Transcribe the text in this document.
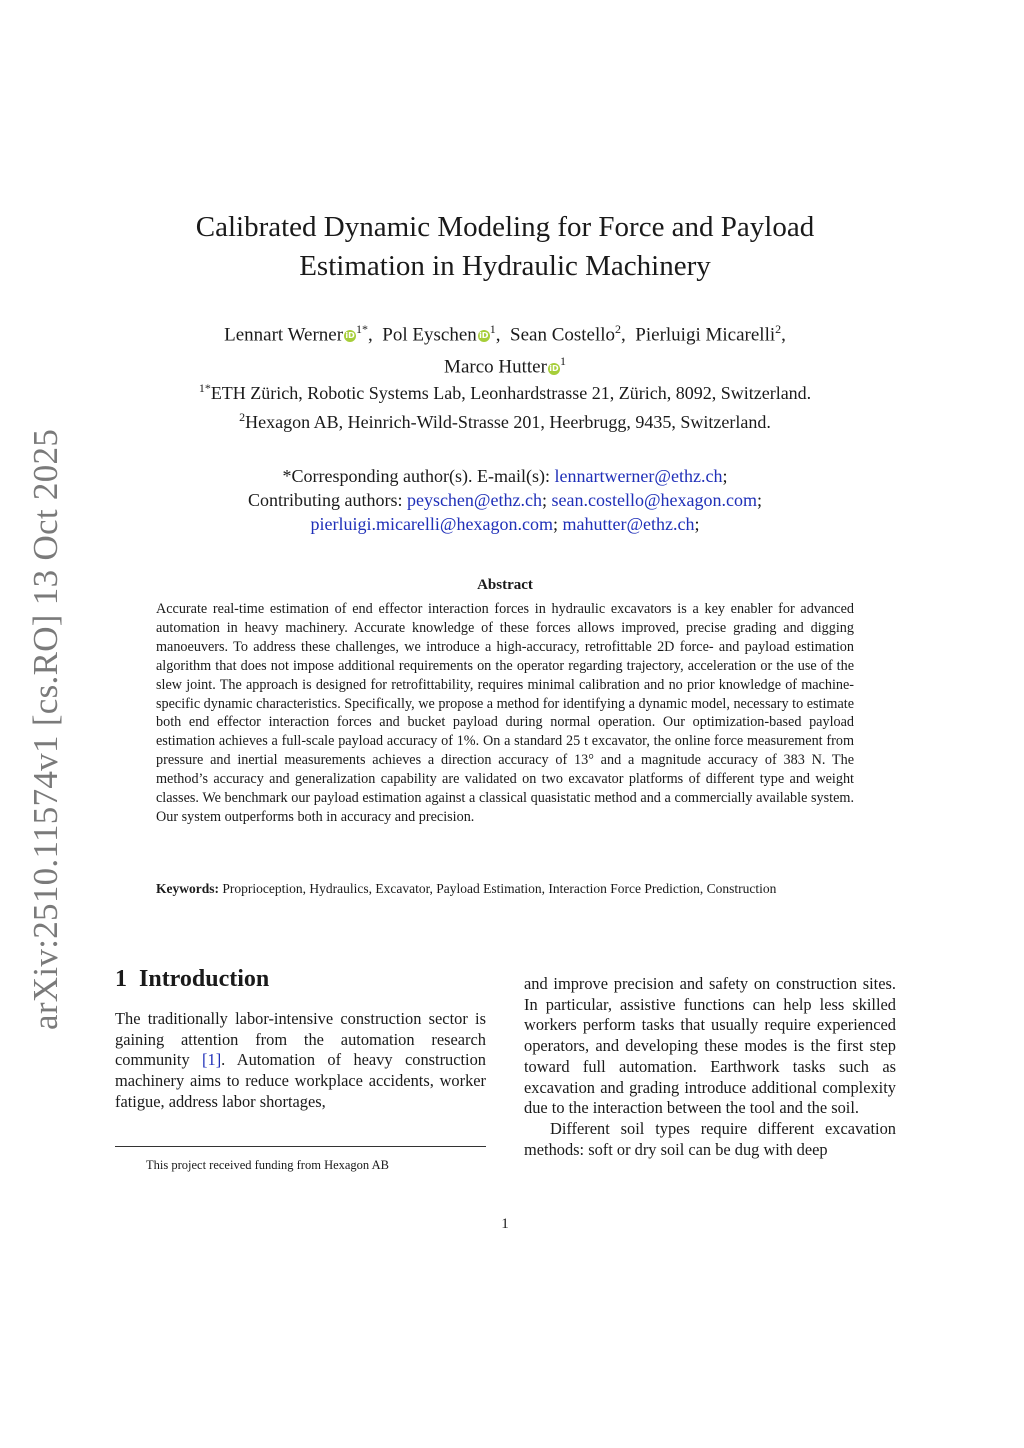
arXiv:2510.11574v1 [cs.RO] 13 Oct 2025
Calibrated Dynamic Modeling for Force and Payload
Estimation in Hydraulic Machinery
Lennart Werner $iD^{1*}$,  Pol Eyschen $iD^1$,  Sean Costello$^2$,  Pierluigi Micarelli$^2$,
Marco Hutter $iD^1$
$^{1*}$ETH Zürich, Robotic Systems Lab, Leonhardstrasse 21, Zürich, 8092, Switzerland.
$^2$Hexagon AB, Heinrich-Wild-Strasse 201, Heerbrugg, 9435, Switzerland.
*Corresponding author(s). E-mail(s): lennartwerner@ethz.ch;
Contributing authors: peyschen@ethz.ch; sean.costello@hexagon.com;
pierluigi.micarelli@hexagon.com; mahutter@ethz.ch;
Abstract
Accurate real-time estimation of end effector interaction forces in hydraulic excavators is a key enabler for advanced automation in heavy machinery. Accurate knowledge of these forces allows improved, precise grading and digging manoeuvers. To address these challenges, we introduce a high-accuracy, retrofittable 2D force- and payload estimation algorithm that does not impose additional requirements on the operator regarding trajectory, acceleration or the use of the slew joint. The approach is designed for retrofittability, requires minimal calibration and no prior knowledge of machine-specific dynamic characteristics. Specifically, we propose a method for identifying a dynamic model, necessary to estimate both end effector interaction forces and bucket payload during normal operation. Our optimization-based payload estimation achieves a full-scale payload accuracy of 1%. On a standard 25 t excavator, the online force measurement from pressure and inertial measurements achieves a direction accuracy of 13° and a magnitude accuracy of 383 N. The method’s accuracy and generalization capability are validated on two excavator platforms of different type and weight classes. We benchmark our payload estimation against a classical quasistatic method and a commercially available system. Our system outperforms both in accuracy and precision.
Keywords: Proprioception, Hydraulics, Excavator, Payload Estimation, Interaction Force Prediction, Construction
1 Introduction

The traditionally labor-intensive construction sector is gaining attention from the automation research community [1]. Automation of heavy construction machinery aims to reduce workplace accidents, worker fatigue, address labor shortages,

and improve precision and safety on construction sites. In particular, assistive functions can help less skilled workers perform tasks that usually require experienced operators, and developing these modes is the first step toward full automation. Earthwork tasks such as excavation and grading introduce additional complexity due to the interaction between the tool and the soil.

Different soil types require different excavation methods: soft or dry soil can be dug with deep

This project received funding from Hexagon AB
1
